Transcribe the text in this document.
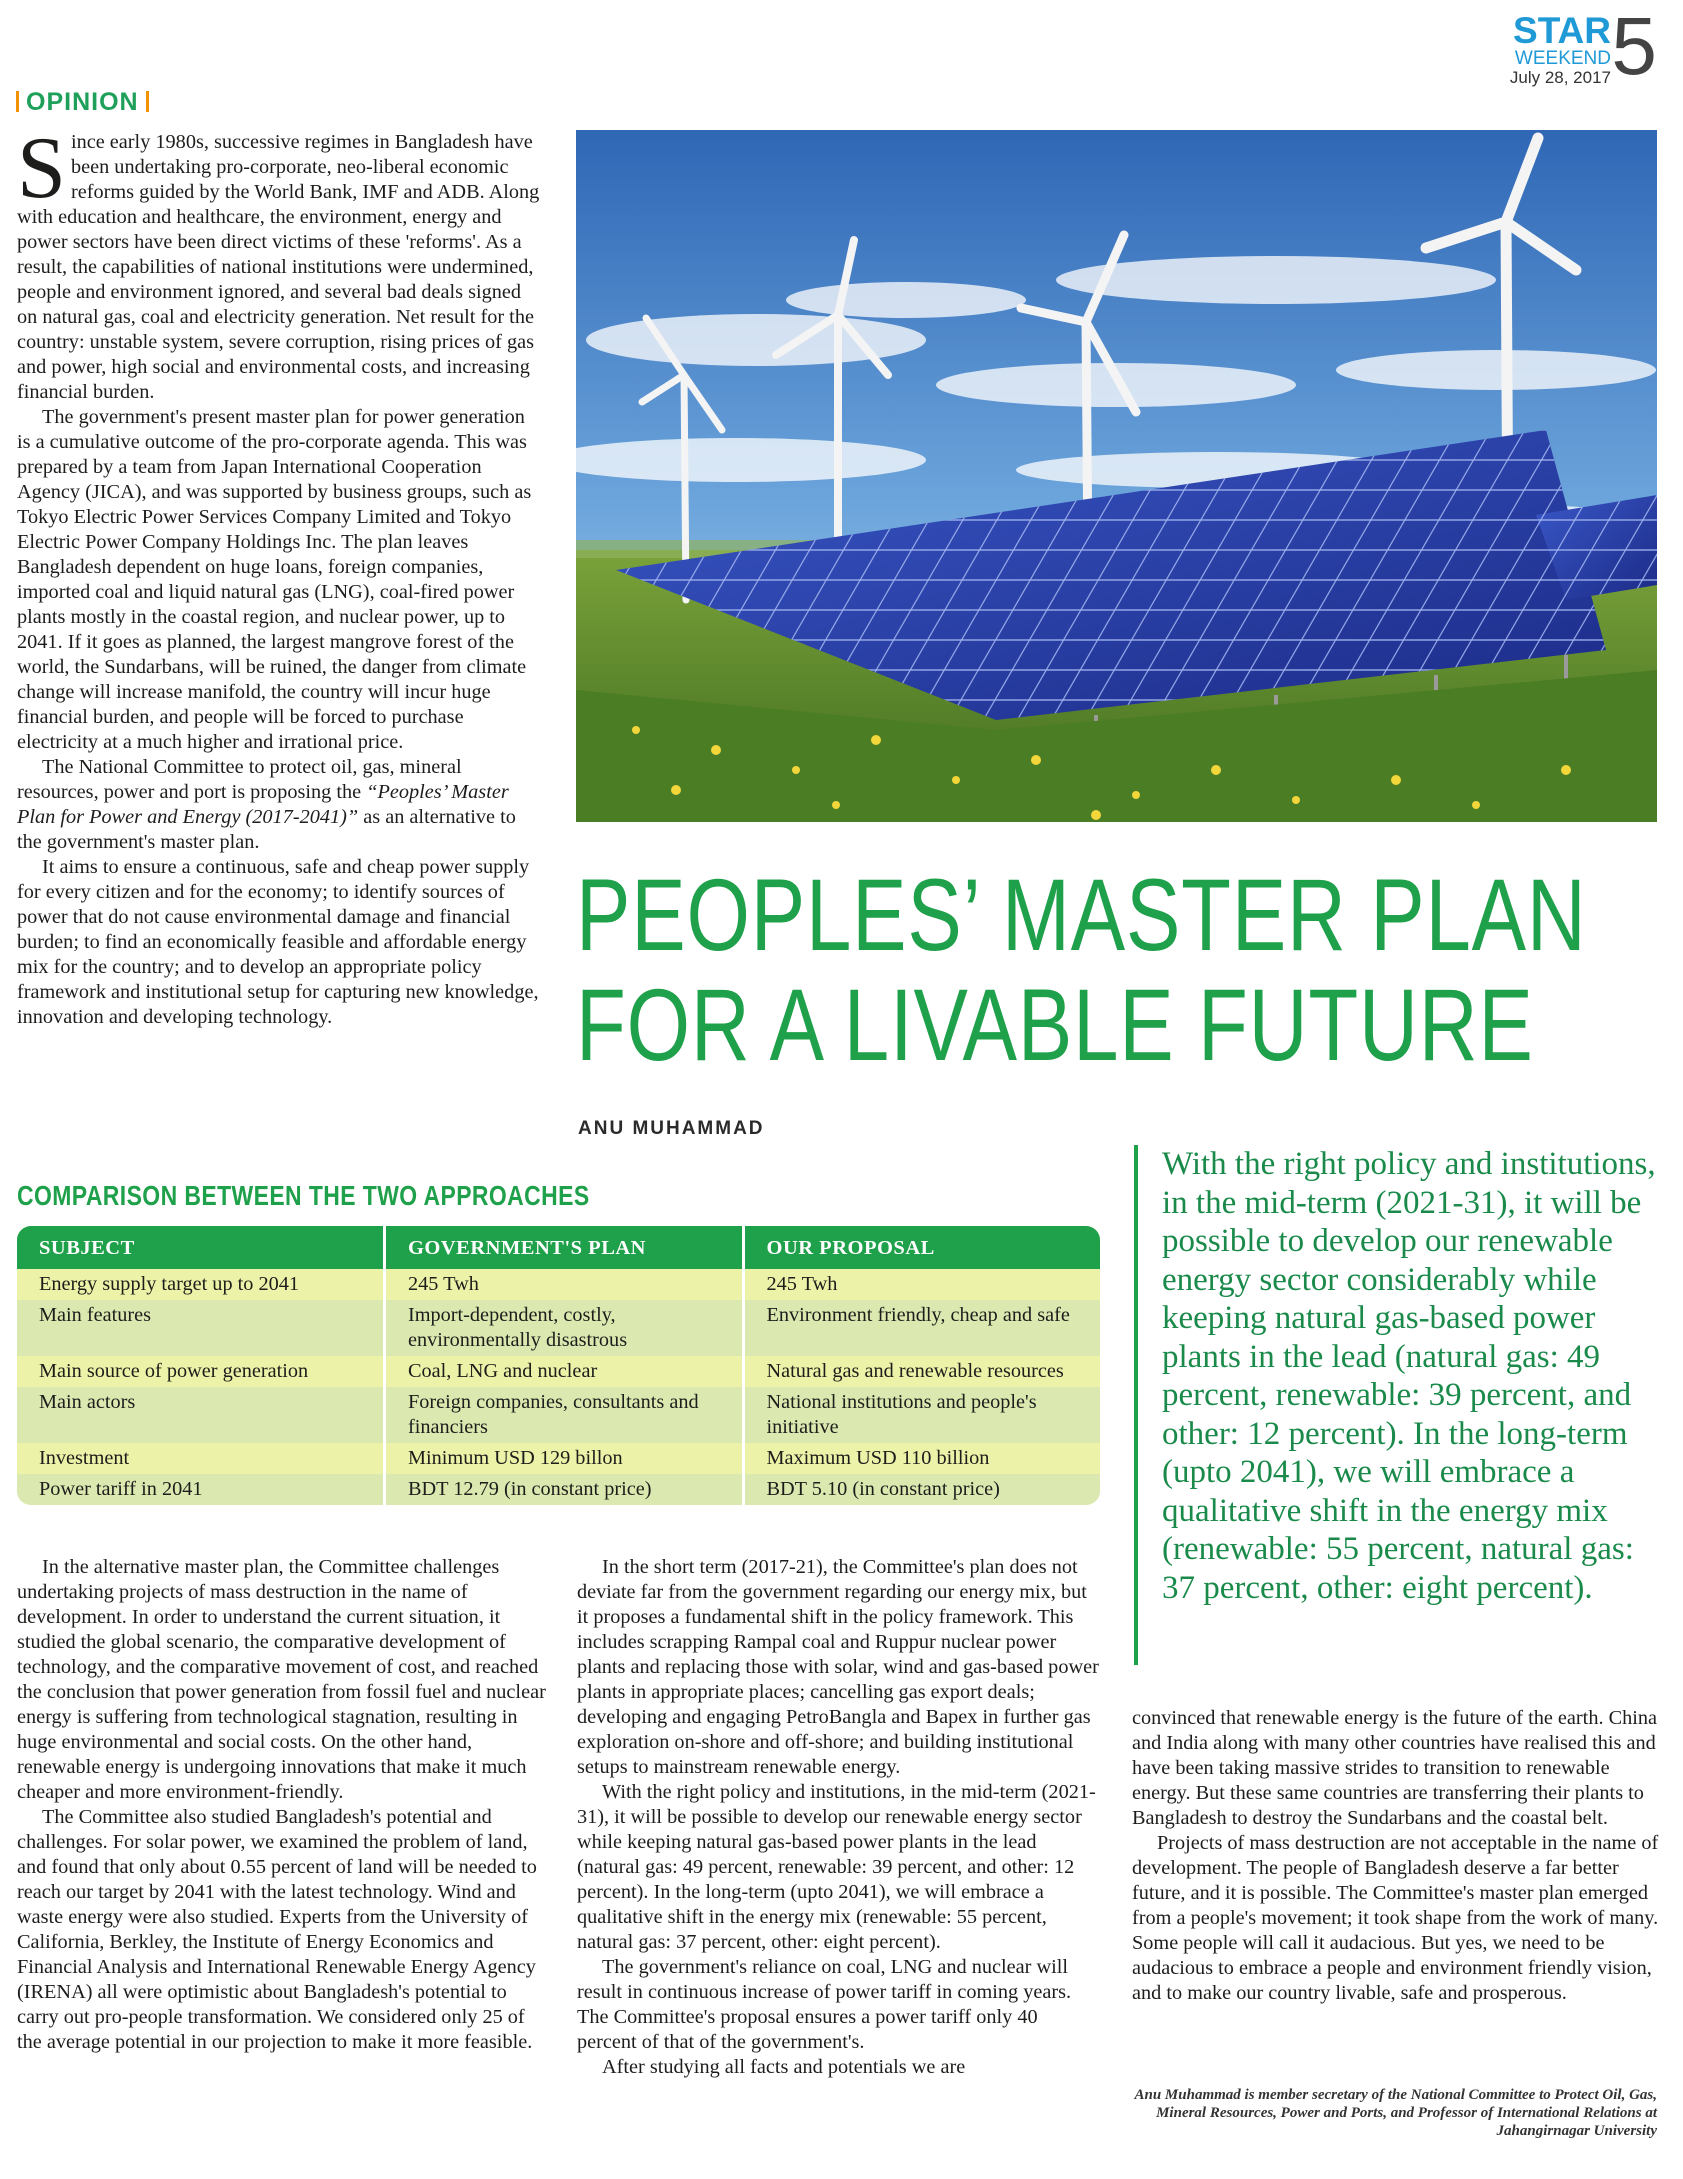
STAR
WEEKEND
July 28, 2017 5
OPINION

Since early 1980s, successive regimes in Bangladesh have been undertaking pro-corporate, neo-liberal economic reforms guided by the World Bank, IMF and ADB. Along with education and healthcare, the environment, energy and power sectors have been direct victims of these 'reforms'. As a result, the capabilities of national institutions were undermined, people and environment ignored, and several bad deals signed on natural gas, coal and electricity generation. Net result for the country: unstable system, severe corruption, rising prices of gas and power, high social and environmental costs, and increasing financial burden.

The government's present master plan for power generation is a cumulative outcome of the pro-corporate agenda. This was prepared by a team from Japan International Cooperation Agency (JICA), and was supported by business groups, such as Tokyo Electric Power Services Company Limited and Tokyo Electric Power Company Holdings Inc. The plan leaves Bangladesh dependent on huge loans, foreign companies, imported coal and liquid natural gas (LNG), coal-fired power plants mostly in the coastal region, and nuclear power, up to 2041. If it goes as planned, the largest mangrove forest of the world, the Sundarbans, will be ruined, the danger from climate change will increase manifold, the country will incur huge financial burden, and people will be forced to purchase electricity at a much higher and irrational price.

The National Committee to protect oil, gas, mineral resources, power and port is proposing the “Peoples’ Master Plan for Power and Energy (2017-2041)” as an alternative to the government's master plan.

It aims to ensure a continuous, safe and cheap power supply for every citizen and for the economy; to identify sources of power that do not cause environmental damage and financial burden; to find an economically feasible and affordable energy mix for the country; and to develop an appropriate policy framework and institutional setup for capturing new knowledge, innovation and developing technology.

PEOPLES’ MASTER PLAN
FOR A LIVABLE FUTURE
ANU MUHAMMAD
With the right policy and institutions, in the mid-term (2021-31), it will be possible to develop our renewable energy sector considerably while keeping natural gas-based power plants in the lead (natural gas: 49 percent, renewable: 39 percent, and other: 12 percent). In the long-term (upto 2041), we will embrace a qualitative shift in the energy mix (renewable: 55 percent, natural gas: 37 percent, other: eight percent).
COMPARISON BETWEEN THE TWO APPROACHES
SUBJECT	GOVERNMENT'S PLAN	OUR PROPOSAL
Energy supply target up to 2041	245 Twh	245 Twh
Main features	Import-dependent, costly, environmentally disastrous	Environment friendly, cheap and safe
Main source of power generation	Coal, LNG and nuclear	Natural gas and renewable resources
Main actors	Foreign companies, consultants and financiers	National institutions and people's initiative
Investment	Minimum USD 129 billon	Maximum USD 110 billion
Power tariff in 2041	BDT 12.79 (in constant price)	BDT 5.10 (in constant price)

In the alternative master plan, the Committee challenges undertaking projects of mass destruction in the name of development. In order to understand the current situation, it studied the global scenario, the comparative development of technology, and the comparative movement of cost, and reached the conclusion that power generation from fossil fuel and nuclear energy is suffering from technological stagnation, resulting in huge environmental and social costs. On the other hand, renewable energy is undergoing innovations that make it much cheaper and more environment-friendly.

The Committee also studied Bangladesh's potential and challenges. For solar power, we examined the problem of land, and found that only about 0.55 percent of land will be needed to reach our target by 2041 with the latest technology. Wind and waste energy were also studied. Experts from the University of California, Berkley, the Institute of Energy Economics and Financial Analysis and International Renewable Energy Agency (IRENA) all were optimistic about Bangladesh's potential to carry out pro-people transformation. We considered only 25 of the average potential in our projection to make it more feasible.

In the short term (2017-21), the Committee's plan does not deviate far from the government regarding our energy mix, but it proposes a fundamental shift in the policy framework. This includes scrapping Rampal coal and Ruppur nuclear power plants and replacing those with solar, wind and gas-based power plants in appropriate places; cancelling gas export deals; developing and engaging PetroBangla and Bapex in further gas exploration on-shore and off-shore; and building institutional setups to mainstream renewable energy.

With the right policy and institutions, in the mid-term (2021-31), it will be possible to develop our renewable energy sector while keeping natural gas-based power plants in the lead (natural gas: 49 percent, renewable: 39 percent, and other: 12 percent). In the long-term (upto 2041), we will embrace a qualitative shift in the energy mix (renewable: 55 percent, natural gas: 37 percent, other: eight percent).

The government's reliance on coal, LNG and nuclear will result in continuous increase of power tariff in coming years. The Committee's proposal ensures a power tariff only 40 percent of that of the government's.

After studying all facts and potentials we are

convinced that renewable energy is the future of the earth. China and India along with many other countries have realised this and have been taking massive strides to transition to renewable energy. But these same countries are transferring their plants to Bangladesh to destroy the Sundarbans and the coastal belt.

Projects of mass destruction are not acceptable in the name of development. The people of Bangladesh deserve a far better future, and it is possible. The Committee's master plan emerged from a people's movement; it took shape from the work of many. Some people will call it audacious. But yes, we need to be audacious to embrace a people and environment friendly vision, and to make our country livable, safe and prosperous.

Anu Muhammad is member secretary of the National Committee to Protect Oil, Gas, Mineral Resources, Power and Ports, and Professor of International Relations at Jahangirnagar University
